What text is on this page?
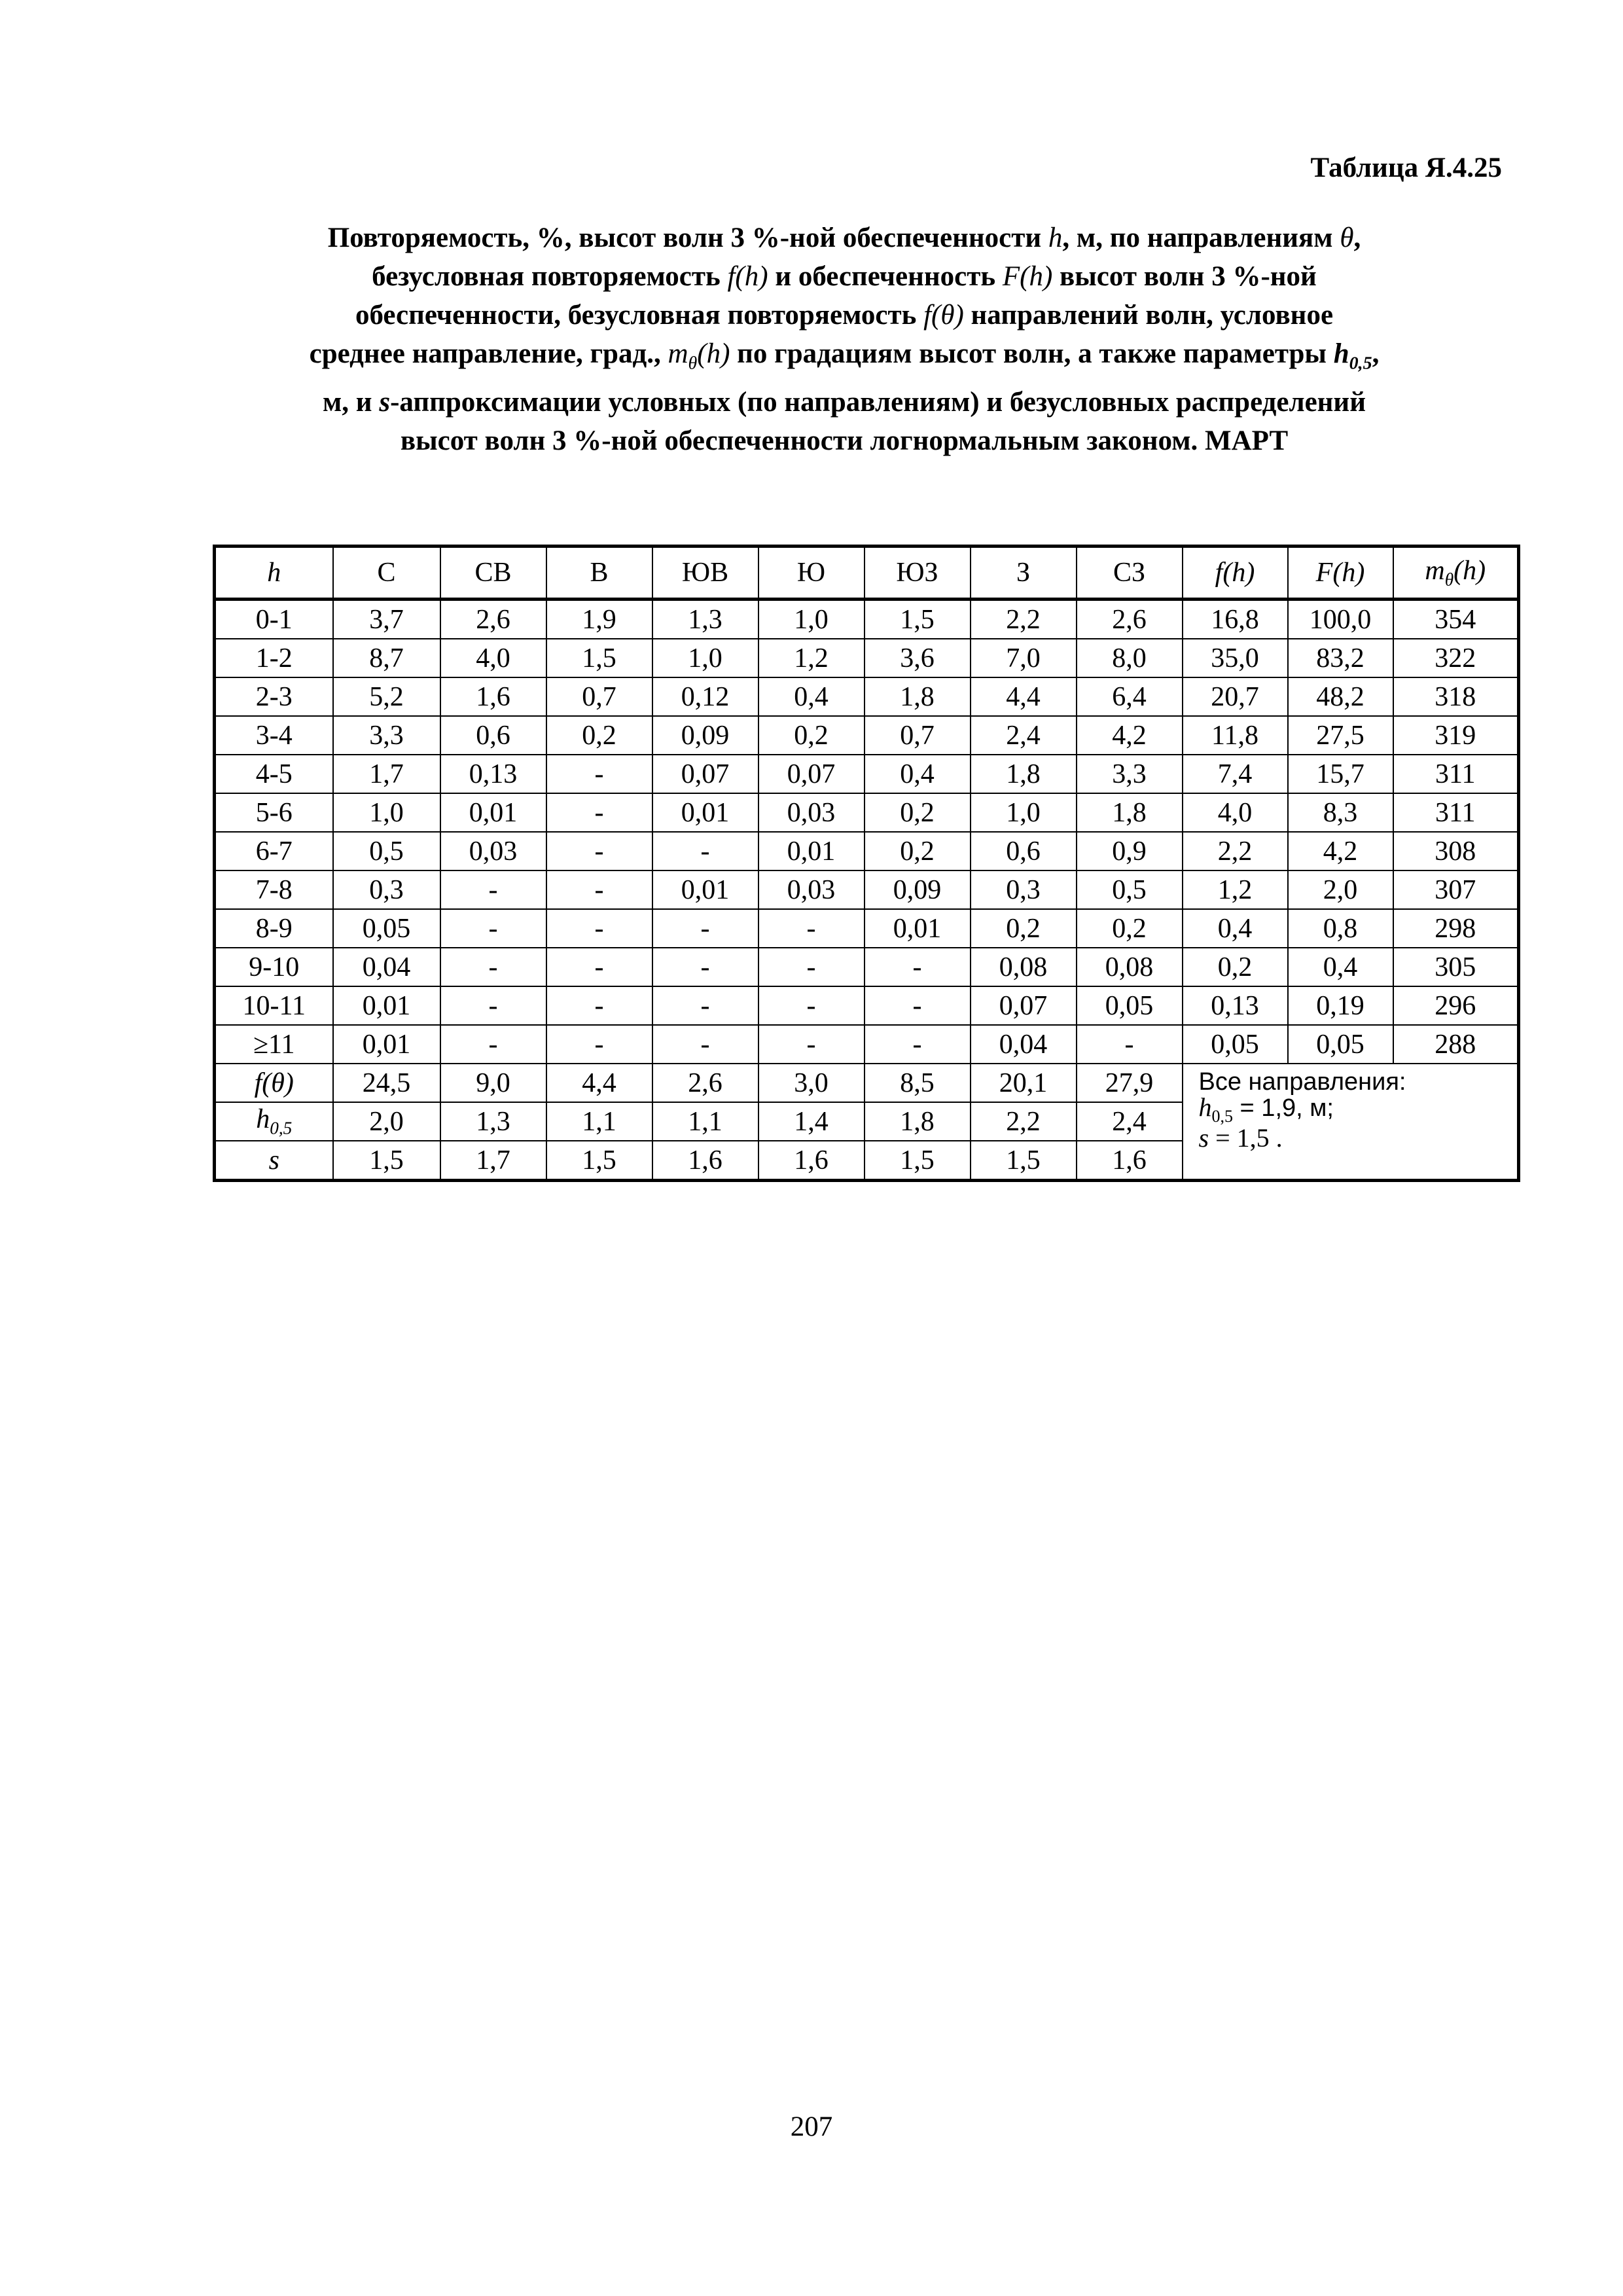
Таблица Я.4.25

Повторяемость, %, высот волн 3 %-ной обеспеченности h, м, по направлениям θ,
безусловная повторяемость f(h) и обеспеченность F(h) высот волн 3 %-ной
обеспеченности, безусловная повторяемость f(θ) направлений волн, условное
среднее направление, град., $m_\theta(h)$ по градациям высот волн, а также параметры $h_{0,5}$,
м, и s-аппроксимации условных (по направлениям) и безусловных распределений
высот волн 3 %-ной обеспеченности логнормальным законом. МАРТ
h	С	СВ	В	ЮВ	Ю	ЮЗ	З	СЗ	f(h)	F(h)	$m_\theta(h)$
0-1	3,7	2,6	1,9	1,3	1,0	1,5	2,2	2,6	16,8	100,0	354
1-2	8,7	4,0	1,5	1,0	1,2	3,6	7,0	8,0	35,0	83,2	322
2-3	5,2	1,6	0,7	0,12	0,4	1,8	4,4	6,4	20,7	48,2	318
3-4	3,3	0,6	0,2	0,09	0,2	0,7	2,4	4,2	11,8	27,5	319
4-5	1,7	0,13	-	0,07	0,07	0,4	1,8	3,3	7,4	15,7	311
5-6	1,0	0,01	-	0,01	0,03	0,2	1,0	1,8	4,0	8,3	311
6-7	0,5	0,03	-	-	0,01	0,2	0,6	0,9	2,2	4,2	308
7-8	0,3	-	-	0,01	0,03	0,09	0,3	0,5	1,2	2,0	307
8-9	0,05	-	-	-	-	0,01	0,2	0,2	0,4	0,8	298
9-10	0,04	-	-	-	-	-	0,08	0,08	0,2	0,4	305
10-11	0,01	-	-	-	-	-	0,07	0,05	0,13	0,19	296
≥11	0,01	-	-	-	-	-	0,04	-	0,05	0,05	288
f(θ)	24,5	9,0	4,4	2,6	3,0	8,5	20,1	27,9	Все направления:
$h_{0,5} = 1,9$, м;
s = 1,5 .		

$h_{0,5}$	2,0	1,3	1,1	1,1	1,4	1,8	2,2	2,4			
s	1,5	1,7	1,5	1,6	1,6	1,5	1,5	1,6			

207
